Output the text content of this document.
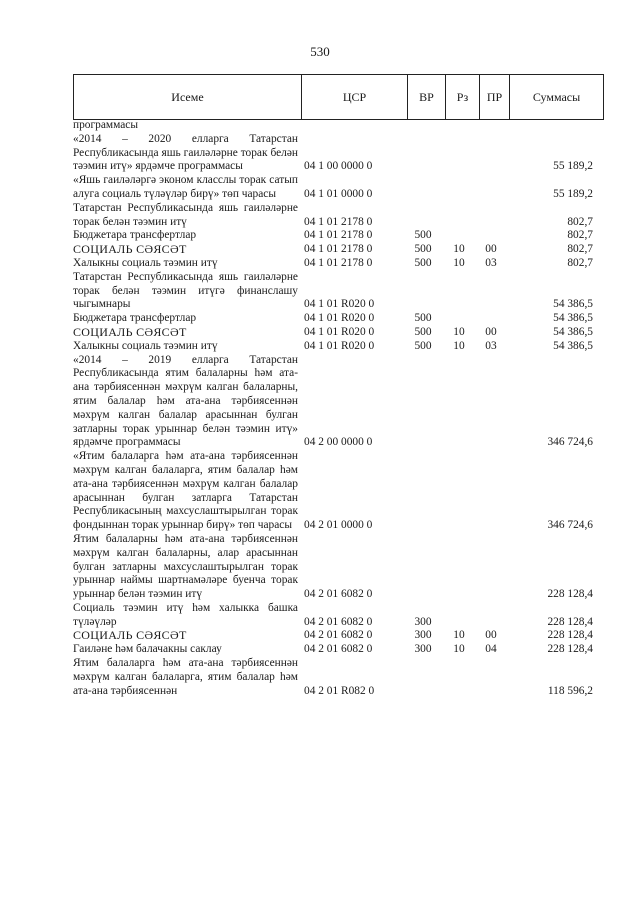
530
Исеме	ЦСР	ВР	Рз	ПР	Суммасы
программасы
«2014 – 2020 елларга Татарстан Республикасында яшь гаиләләрне торак белән тәэмин итү» ярдәмче программасы	04 1 00 0000 0	55 189,2
«Яшь гаиләләргә эконом класслы торак сатып алуга социаль түләүләр бирү» төп чарасы	04 1 01 0000 0	55 189,2
Татарстан Республикасында яшь гаиләләрне торак белән тәэмин итү	04 1 01 2178 0	802,7
Бюджетара трансфертлар	04 1 01 2178 0	500	802,7
СОЦИАЛЬ СӘЯСӘТ	04 1 01 2178 0	500	10	00	802,7
Халыкны социаль тәэмин итү	04 1 01 2178 0	500	10	03	802,7
Татарстан Республикасында яшь гаиләләрне торак белән тәэмин итүгә финанслашу чыгымнары	04 1 01 R020 0	54 386,5
Бюджетара трансфертлар	04 1 01 R020 0	500	54 386,5
СОЦИАЛЬ СӘЯСӘТ	04 1 01 R020 0	500	10	00	54 386,5
Халыкны социаль тәэмин итү	04 1 01 R020 0	500	10	03	54 386,5
«2014 – 2019 елларга Татарстан Республикасында ятим балаларны һәм ата-ана тәрбиясеннән мәхрүм калган балаларны, ятим балалар һәм ата-ана тәрбиясеннән мәхрүм калган балалар арасыннан булган затларны торак урыннар белән тәэмин итү» ярдәмче программасы	04 2 00 0000 0	346 724,6
«Ятим балаларга һәм ата-ана тәрбиясеннән мәхрүм калган балаларга, ятим балалар һәм ата-ана тәрбиясеннән мәхрүм калган балалар арасыннан булган затларга Татарстан Республикасының махсуслаштырылган торак фондыннан торак урыннар бирү» төп чарасы	04 2 01 0000 0	346 724,6
Ятим балаларны һәм ата-ана тәрбиясеннән мәхрүм калган балаларны, алар арасыннан булган затларны махсуслаштырылган торак урыннар наймы шартнамәләре буенча торак урыннар белән тәэмин итү	04 2 01 6082 0	228 128,4
Социаль тәэмин итү һәм халыкка башка түләүләр	04 2 01 6082 0	300	228 128,4
СОЦИАЛЬ СӘЯСӘТ	04 2 01 6082 0	300	10	00	228 128,4
Гаиләне һәм балачакны саклау	04 2 01 6082 0	300	10	04	228 128,4
Ятим балаларга һәм ата-ана тәрбиясеннән мәхрүм калган балаларга, ятим балалар һәм ата-ана тәрбиясеннән	04 2 01 R082 0	118 596,2
